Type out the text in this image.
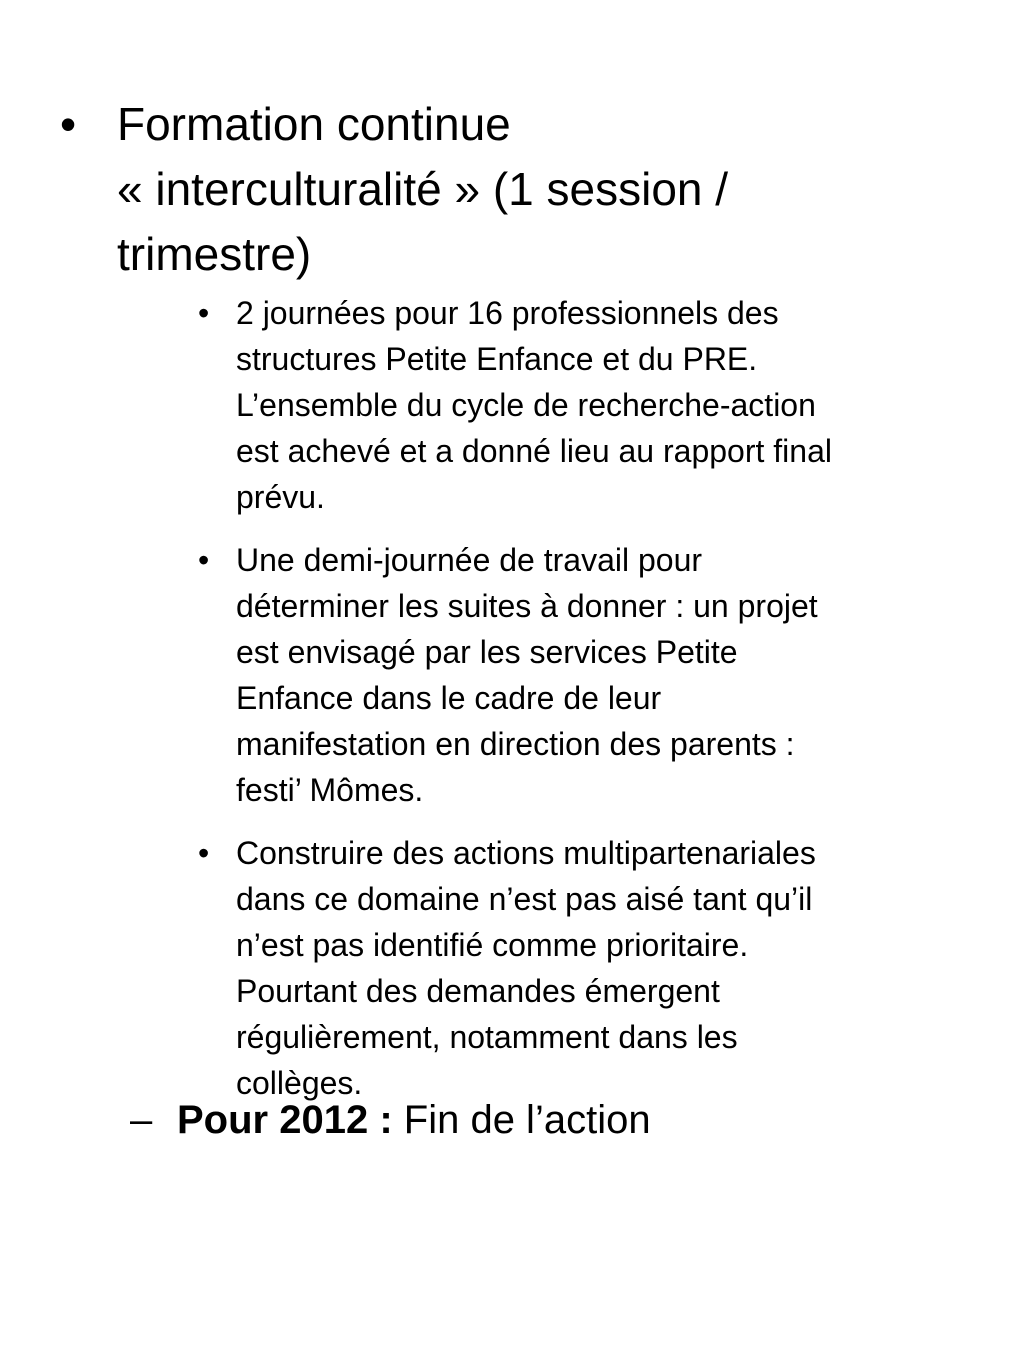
• Formation continue
« interculturalité » (1 session /
trimestre)
• 2 journées pour 16 professionnels des
structures Petite Enfance et du PRE.
L’ensemble du cycle de recherche-action
est achevé et a donné lieu au rapport final
prévu.
• Une demi-journée de travail pour
déterminer les suites à donner : un projet
est envisagé par les services Petite
Enfance dans le cadre de leur
manifestation en direction des parents :
festi’ Mômes.
• Construire des actions multipartenariales
dans ce domaine n’est pas aisé tant qu’il
n’est pas identifié comme prioritaire.
Pourtant des demandes émergent
régulièrement, notamment dans les
collèges.
– Pour 2012 : Fin de l’action
